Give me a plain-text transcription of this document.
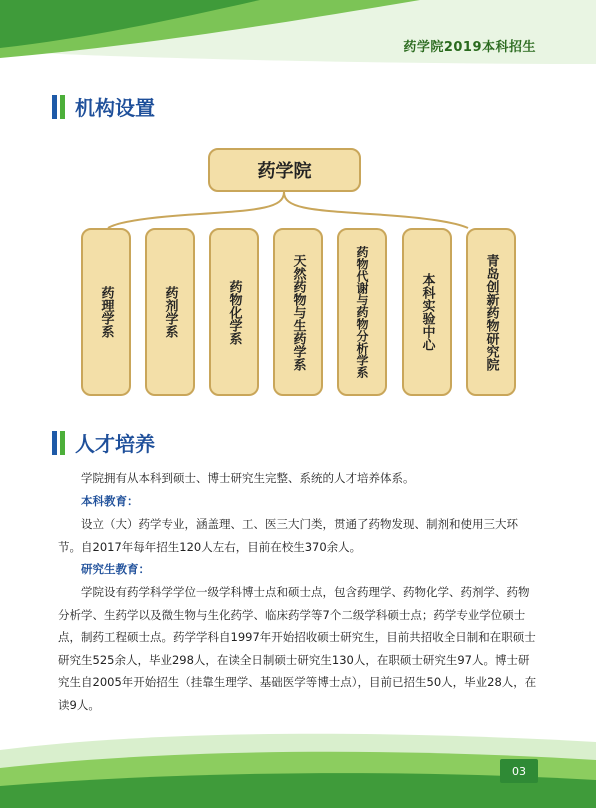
药学院2019本科招生
机构设置
药学院
药理学系	药剂学系	药物化学系	天然药物与生药学系	药物代谢与药物分析学系	本科实验中心	青岛创新药物研究院
人才培养
学院拥有从本科到硕士、博士研究生完整、系统的人才培养体系。
本科教育：
设立（大）药学专业，涵盖理、工、医三大门类，贯通了药物发现、制剂和使用三大环节。自2017年每年招生120人左右，目前在校生370余人。
研究生教育：
学院设有药学科学学位一级学科博士点和硕士点，包含药理学、药物化学、药剂学、药物分析学、生药学以及微生物与生化药学、临床药学等7个二级学科硕士点；药学专业学位硕士点，制药工程硕士点。药学学科自1997年开始招收硕士研究生，目前共招收全日制和在职硕士研究生525余人，毕业298人，在读全日制硕士研究生130人，在职硕士研究生97人。博士研究生自2005年开始招生（挂靠生理学、基础医学等博士点），目前已招生50人，毕业28人，在读9人。
03
